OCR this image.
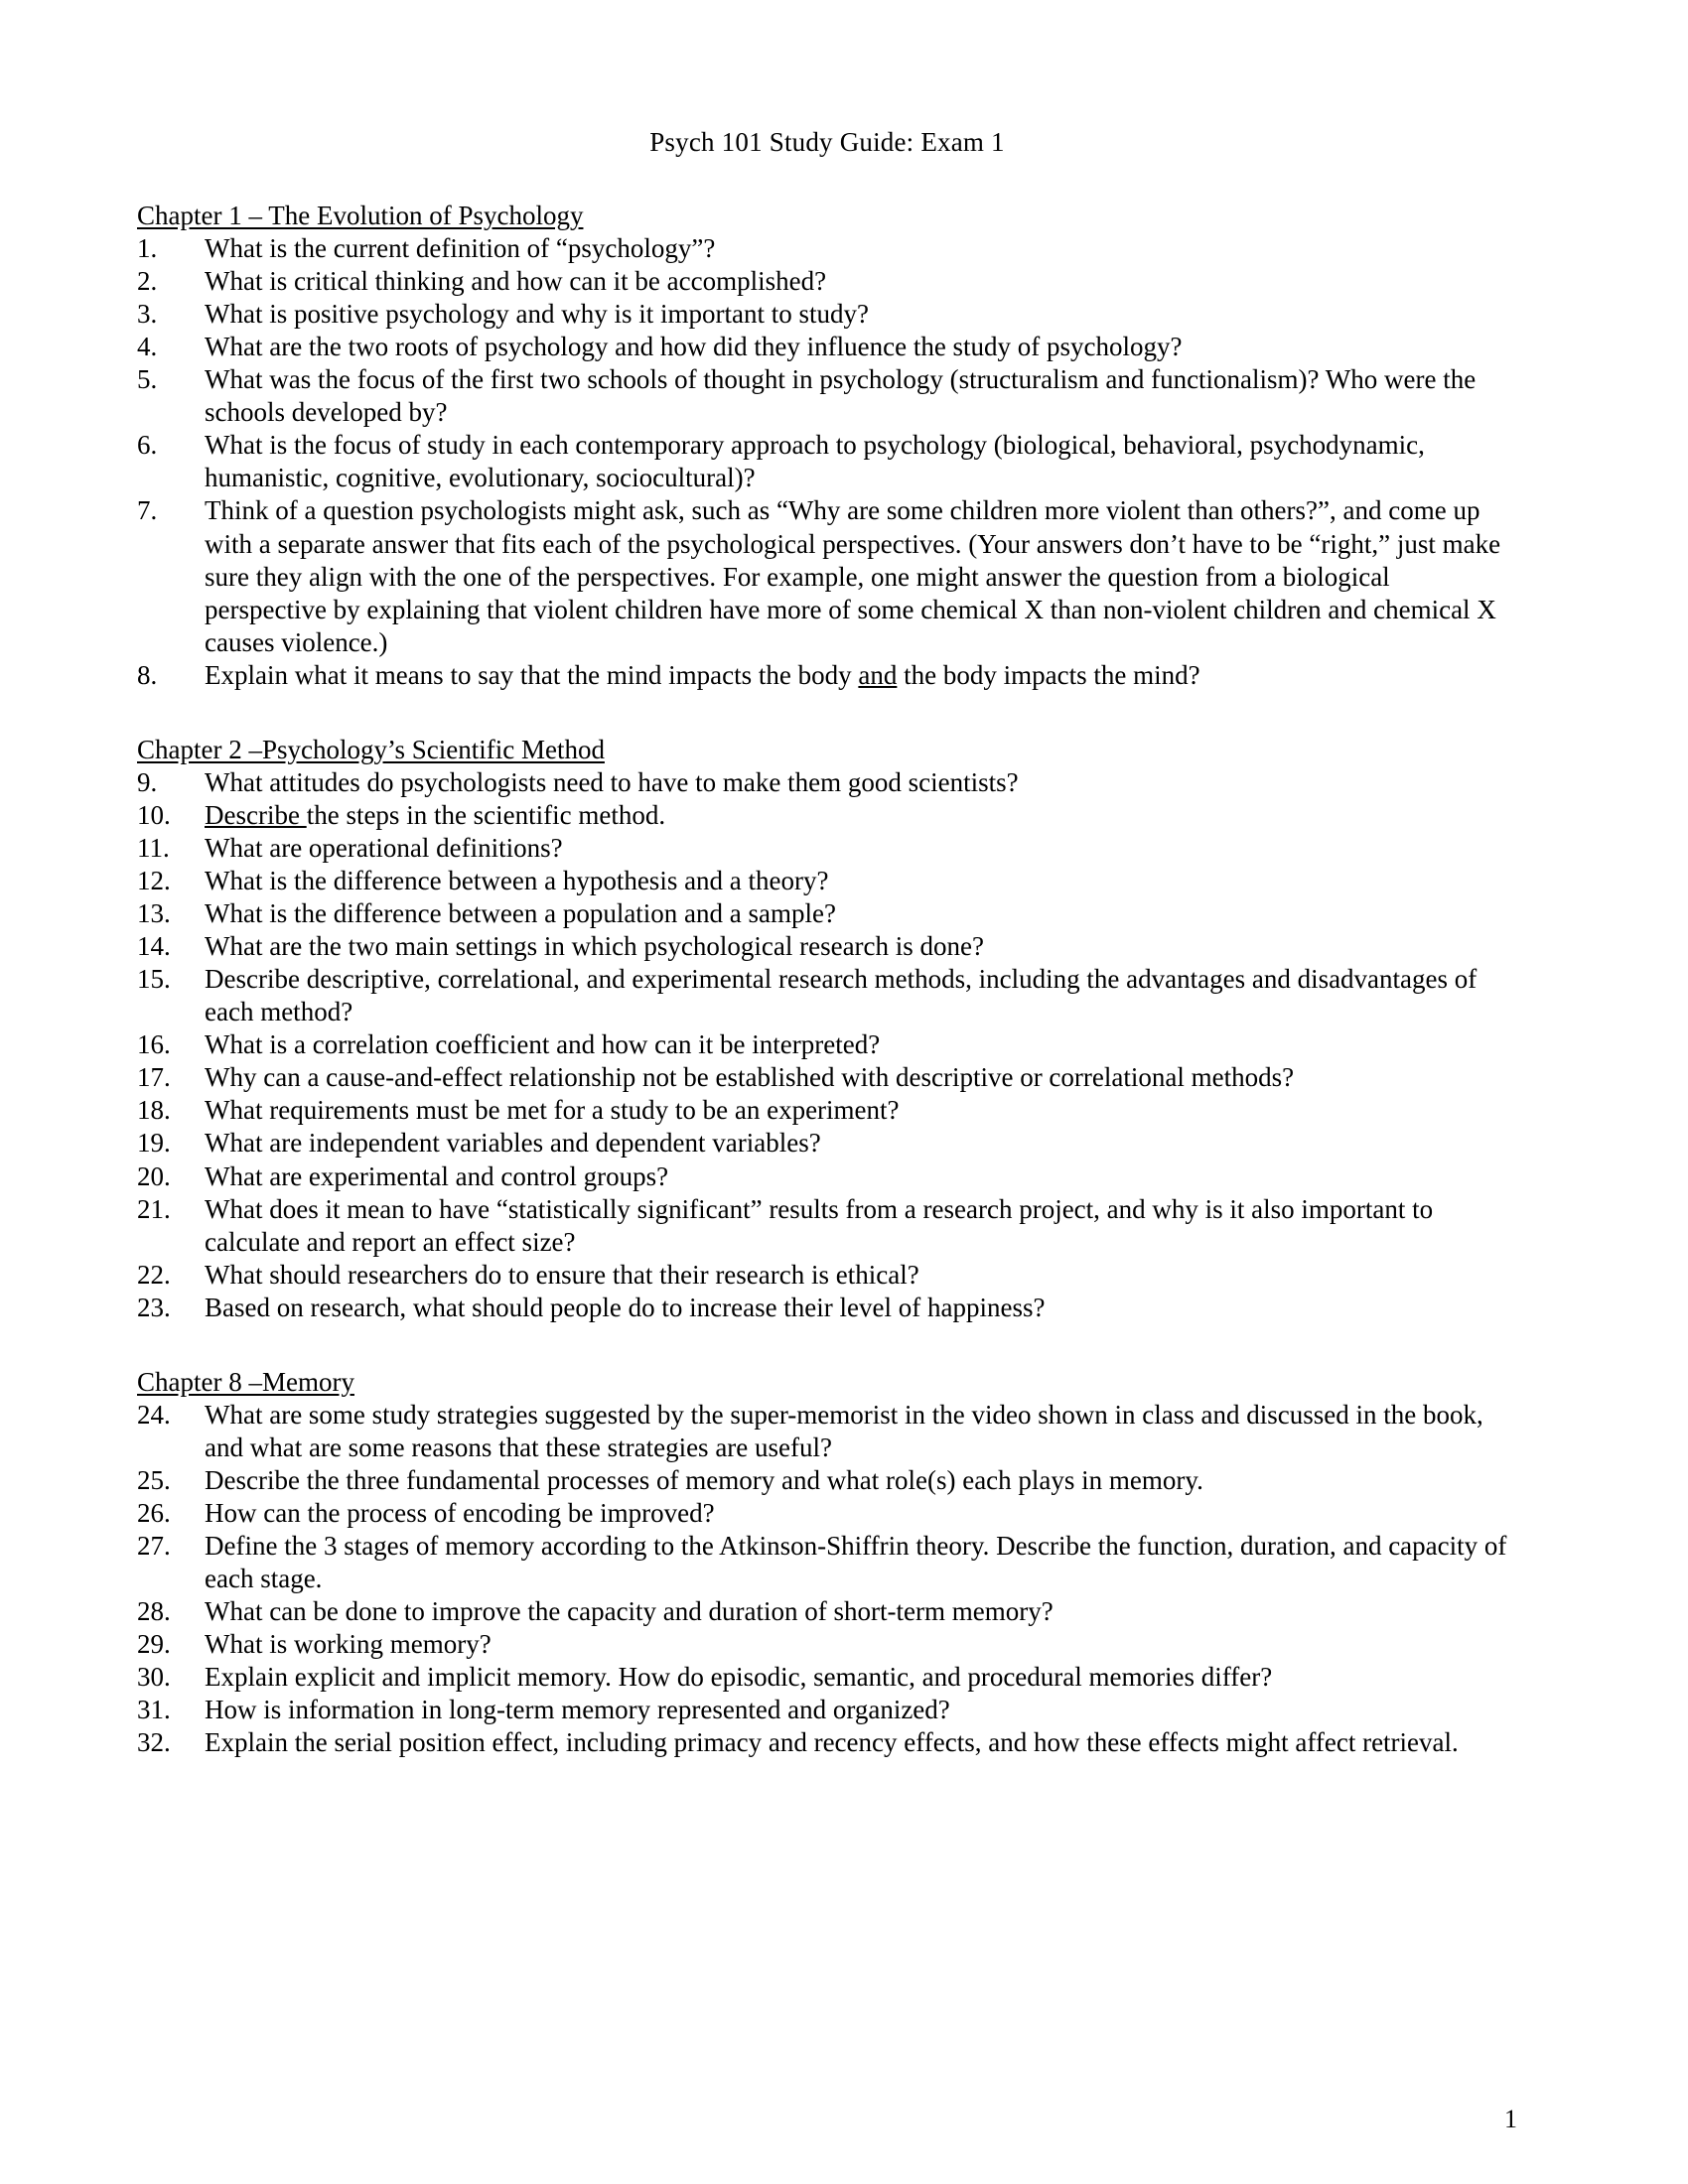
Psych 101 Study Guide: Exam 1
Chapter 1 – The Evolution of Psychology
1.	What is the current definition of “psychology”?
2.	What is critical thinking and how can it be accomplished?
3.	What is positive psychology and why is it important to study?
4.	What are the two roots of psychology and how did they influence the study of psychology?
5.	What was the focus of the first two schools of thought in psychology (structuralism and functionalism)? Who were the schools developed by?
6.	What is the focus of study in each contemporary approach to psychology (biological, behavioral, psychodynamic, humanistic, cognitive, evolutionary, sociocultural)?
7.	Think of a question psychologists might ask, such as “Why are some children more violent than others?”, and come up with a separate answer that fits each of the psychological perspectives. (Your answers don’t have to be “right,” just make sure they align with the one of the perspectives. For example, one might answer the question from a biological perspective by explaining that violent children have more of some chemical X than non-violent children and chemical X causes violence.)
8.	Explain what it means to say that the mind impacts the body and the body impacts the mind?
Chapter 2 –Psychology’s Scientific Method
9.	What attitudes do psychologists need to have to make them good scientists?
10.	Describe the steps in the scientific method.
11.	What are operational definitions?
12.	What is the difference between a hypothesis and a theory?
13.	What is the difference between a population and a sample?
14.	What are the two main settings in which psychological research is done?
15.	Describe descriptive, correlational, and experimental research methods, including the advantages and disadvantages of each method?
16.	What is a correlation coefficient and how can it be interpreted?
17.	Why can a cause-and-effect relationship not be established with descriptive or correlational methods?
18.	What requirements must be met for a study to be an experiment?
19.	What are independent variables and dependent variables?
20.	What are experimental and control groups?
21.	What does it mean to have “statistically significant” results from a research project, and why is it also important to calculate and report an effect size?
22.	What should researchers do to ensure that their research is ethical?
23.	Based on research, what should people do to increase their level of happiness?
Chapter 8 –Memory
24.	What are some study strategies suggested by the super-memorist in the video shown in class and discussed in the book, and what are some reasons that these strategies are useful?
25.	Describe the three fundamental processes of memory and what role(s) each plays in memory.
26.	How can the process of encoding be improved?
27.	Define the 3 stages of memory according to the Atkinson-Shiffrin theory. Describe the function, duration, and capacity of each stage.
28.	What can be done to improve the capacity and duration of short-term memory?
29.	What is working memory?
30.	Explain explicit and implicit memory. How do episodic, semantic, and procedural memories differ?
31.	How is information in long-term memory represented and organized?
32.	Explain the serial position effect, including primacy and recency effects, and how these effects might affect retrieval.
1
